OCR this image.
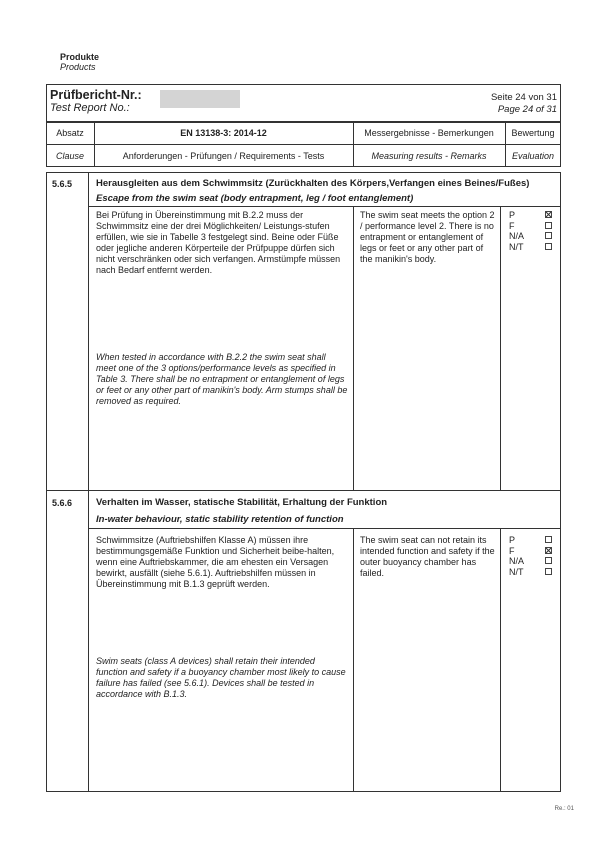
Produkte
Products
Prüfbericht-Nr.:
Test Report No.:
Seite 24 von 31
Page 24 of 31
Absatz
Clause
EN 13138-3: 2014-12
Anforderungen - Prüfungen / Requirements - Tests
Messergebnisse - Bemerkungen
Measuring results - Remarks
Bewertung
Evaluation
5.6.5	Herausgleiten aus dem Schwimmsitz (Zurückhalten des Körpers,Verfangen eines Beines/Fußes)
Escape from the swim seat (body entrapment, leg / foot entanglement)
Bei Prüfung in Übereinstimmung mit B.2.2 muss der Schwimmsitz eine der drei Möglichkeiten/ Leistungs-stufen erfüllen, wie sie in Tabelle 3 festgelegt sind. Beine oder Füße oder jegliche anderen Körperteile der Prüfpuppe dürfen sich nicht verschränken oder sich verfangen. Armstümpfe müssen nach Bedarf entfernt werden.
When tested in accordance with B.2.2 the swim seat shall meet one of the 3 options/performance levels as specified in Table 3. There shall be no entrapment or entanglement of legs or feet or any other part of manikin's body. Arm stumps shall be removed as required.
The swim seat meets the option 2 / performance level 2. There is no entrapment or entanglement of legs or feet or any other part of the manikin's body.
P
F
N/A
N/T
5.6.6	Verhalten im Wasser, statische Stabilität, Erhaltung der Funktion
In-water behaviour, static stability retention of function
Schwimmsitze (Auftriebshilfen Klasse A) müssen ihre bestimmungsgemäße Funktion und Sicherheit beibe-halten, wenn eine Auftriebskammer, die am ehesten ein Versagen bewirkt, ausfällt (siehe 5.6.1). Auftriebshilfen müssen in Übereinstimmung mit B.1.3 geprüft werden.
Swim seats (class A devices) shall retain their intended function and safety if a buoyancy chamber most likely to cause failure has failed (see 5.6.1). Devices shall be tested in accordance with B.1.3.
The swim seat can not retain its intended function and safety if the outer buoyancy chamber has failed.
P
F
N/A
N/T
Re.: 01
